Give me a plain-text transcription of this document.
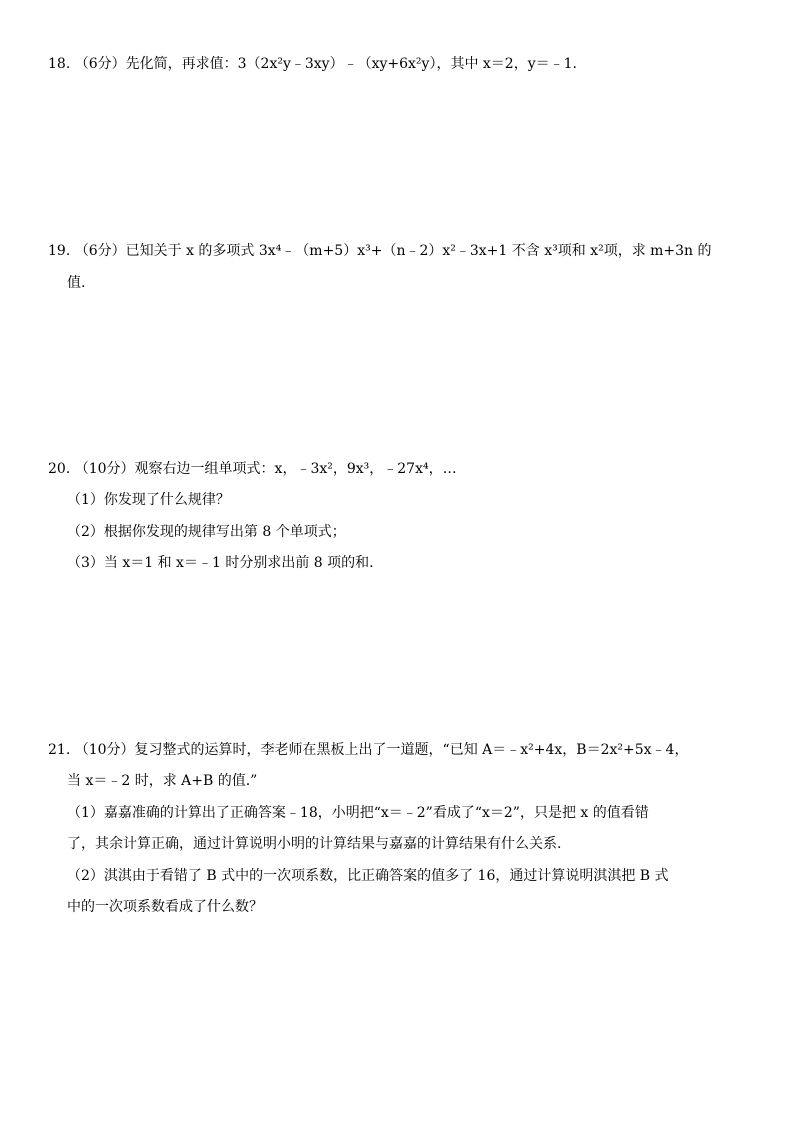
18. （6分）先化简，再求值：3（2x²y﹣3xy）﹣（xy+6x²y），其中 x＝2，y＝﹣1.
19. （6分）已知关于 x 的多项式 3x⁴﹣（m+5）x³+（n﹣2）x²﹣3x+1 不含 x³项和 x²项，求 m+3n 的
值.
20. （10分）观察右边一组单项式：x，﹣3x²，9x³，﹣27x⁴，…
（1）你发现了什么规律？
（2）根据你发现的规律写出第 8 个单项式；
（3）当 x＝1 和 x＝﹣1 时分别求出前 8 项的和.
21. （10分）复习整式的运算时，李老师在黑板上出了一道题，“已知 A＝﹣x²+4x，B＝2x²+5x﹣4，
当 x＝﹣2 时，求 A+B 的值.”
（1）嘉嘉准确的计算出了正确答案﹣18，小明把“x＝﹣2”看成了“x＝2”，只是把 x 的值看错
了，其余计算正确，通过计算说明小明的计算结果与嘉嘉的计算结果有什么关系.
（2）淇淇由于看错了 B 式中的一次项系数，比正确答案的值多了 16，通过计算说明淇淇把 B 式
中的一次项系数看成了什么数？
